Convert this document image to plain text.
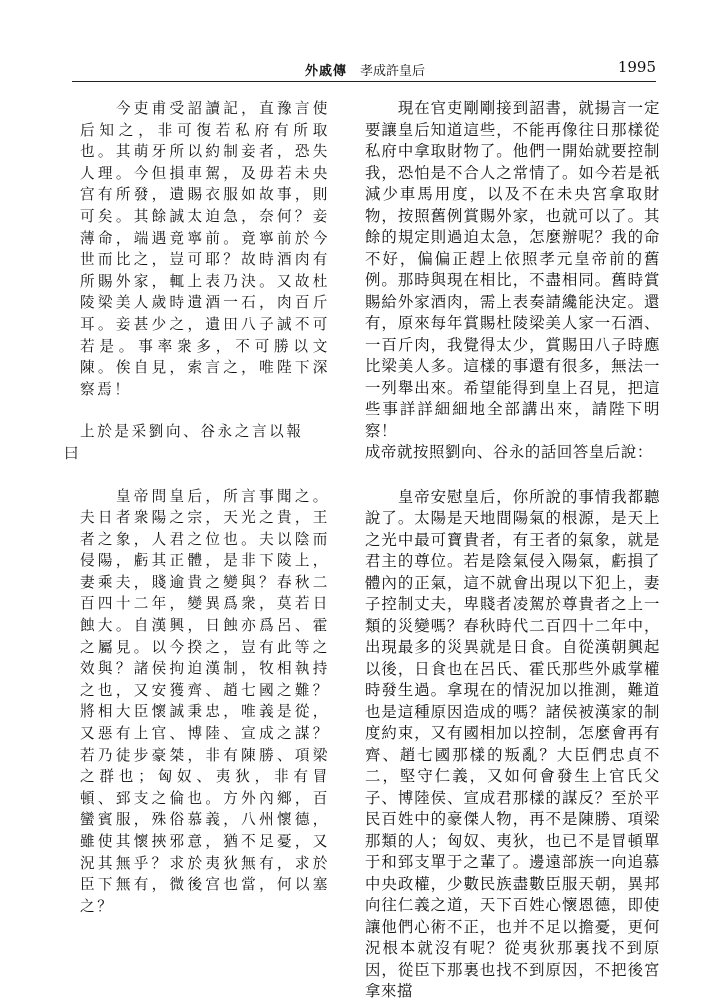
外戚傳 孝成許皇后	1995

　　今吏甫受詔讀記，直豫言使后知之，非可復若私府有所取也。其萌牙所以約制妾者，恐失人理。今但損車駕，及毋若未央宫有所發，遺賜衣服如故事，則可矣。其餘誠太迫急，奈何？妾薄命，端遇竟寧前。竟寧前於今世而比之，豈可耶？故時酒肉有所賜外家，輒上表乃決。又故杜陵梁美人歲時遺酒一石，肉百斤耳。妾甚少之，遺田八子誠不可若是。事率衆多，不可勝以文陳。俟自見，索言之，唯陛下深察焉！

上於是采劉向、谷永之言以報

曰

　　皇帝問皇后，所言事聞之。夫日者衆陽之宗，天光之貴，王者之象，人君之位也。夫以陰而侵陽，虧其正體，是非下陵上，妻乘夫，賤逾貴之變與？春秋二百四十二年，變異爲衆，莫若日蝕大。自漢興，日蝕亦爲呂、霍之屬見。以今揆之，豈有此等之效與？諸侯拘迫漢制，牧相執持之也，又安獲齊、趙七國之難？將相大臣懷誠秉忠，唯義是從，又惡有上官、博陸、宣成之謀？若乃徒步豪桀，非有陳勝、項梁之群也；匈奴、夷狄，非有冒頓、郅支之倫也。方外內鄉，百蠻賓服，殊俗慕義，八州懷德，雖使其懷挾邪意，猶不足憂，又況其無乎？求於夷狄無有，求於臣下無有，微後宫也當，何以塞之？

　　現在官吏剛剛接到詔書，就揚言一定要讓皇后知道這些，不能再像往日那樣從私府中拿取財物了。他們一開始就要控制我，恐怕是不合人之常情了。如今若是祇減少車馬用度，以及不在未央宮拿取財物，按照舊例賞賜外家，也就可以了。其餘的規定則過迫太急，怎麼辦呢？我的命不好，偏偏正趕上依照孝元皇帝前的舊例。那時與現在相比，不盡相同。舊時賞賜給外家酒肉，需上表奏請纔能決定。還有，原來每年賞賜杜陵梁美人家一石酒、一百斤肉，我覺得太少，賞賜田八子時應比梁美人多。這樣的事還有很多，無法一一列舉出來。希望能得到皇上召見，把這些事詳詳細細地全部講出來，請陛下明察！

成帝就按照劉向、谷永的話回答皇后說：

　　皇帝安慰皇后，你所說的事情我都聽說了。太陽是天地間陽氣的根源，是天上之光中最可寶貴者，有王者的氣象，就是君主的尊位。若是陰氣侵入陽氣，虧損了體內的正氣，這不就會出現以下犯上，妻子控制丈夫，卑賤者凌駕於尊貴者之上一類的災變嗎？春秋時代二百四十二年中，出現最多的災異就是日食。自從漢朝興起以後，日食也在呂氏、霍氏那些外戚掌權時發生過。拿現在的情況加以推測，難道也是這種原因造成的嗎？諸侯被漢家的制度約束，又有國相加以控制，怎麼會再有齊、趙七國那樣的叛亂？大臣們忠貞不二，堅守仁義，又如何會發生上官氏父子、博陸侯、宣成君那樣的謀反？至於平民百姓中的豪傑人物，再不是陳勝、項梁那類的人；匈奴、夷狄，也已不是冒頓單于和郅支單于之輩了。邊遠部族一向追慕中央政權，少數民族盡數臣服天朝，異邦向往仁義之道，天下百姓心懷恩德，即使讓他們心術不正，也并不足以擔憂，更何況根本就沒有呢？從夷狄那裏找不到原因，從臣下那裏也找不到原因，不把後宮拿來擋
